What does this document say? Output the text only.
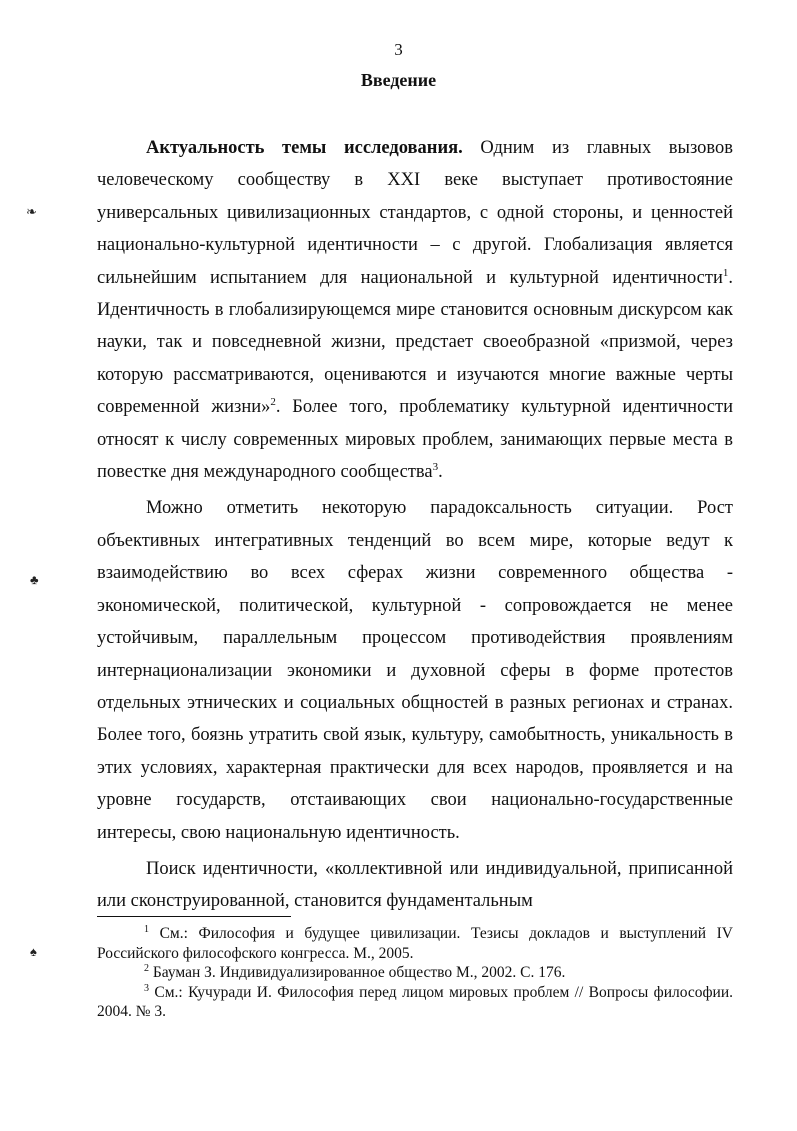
3
Введение

Актуальность темы исследования. Одним из главных вызовов человеческому сообществу в XXI веке выступает противостояние универсальных цивилизационных стандартов, с одной стороны, и ценностей национально-культурной идентичности – с другой. Глобализация является сильнейшим испытанием для национальной и культурной идентичности$^1$. Идентичность в глобализирующемся мире становится основным дискурсом как науки, так и повседневной жизни, предстает своеобразной «призмой, через которую рассматриваются, оцениваются и изучаются многие важные черты современной жизни»$^2$. Более того, проблематику культурной идентичности относят к числу современных мировых проблем, занимающих первые места в повестке дня международного сообщества$^3$.

Можно отметить некоторую парадоксальность ситуации. Рост объективных интегративных тенденций во всем мире, которые ведут к взаимодействию во всех сферах жизни современного общества - экономической, политической, культурной - сопровождается не менее устойчивым, параллельным процессом противодействия проявлениям интернационализации экономики и духовной сферы в форме протестов отдельных этнических и социальных общностей в разных регионах и странах. Более того, боязнь утратить свой язык, культуру, самобытность, уникальность в этих условиях, характерная практически для всех народов, проявляется и на уровне государств, отстаивающих свои национально-государственные интересы, свою национальную идентичность.

Поиск идентичности, «коллективной или индивидуальной, приписанной или сконструированной, становится фундаментальным

$^1$ См.: Философия и будущее цивилизации. Тезисы докладов и выступлений IV Российского философского конгресса. М., 2005.

$^2$ Бауман З. Индивидуализированное общество М., 2002. С. 176.

$^3$ См.: Кучуради И. Философия перед лицом мировых проблем // Вопросы философии. 2004. № 3.

❧
♣
♠
